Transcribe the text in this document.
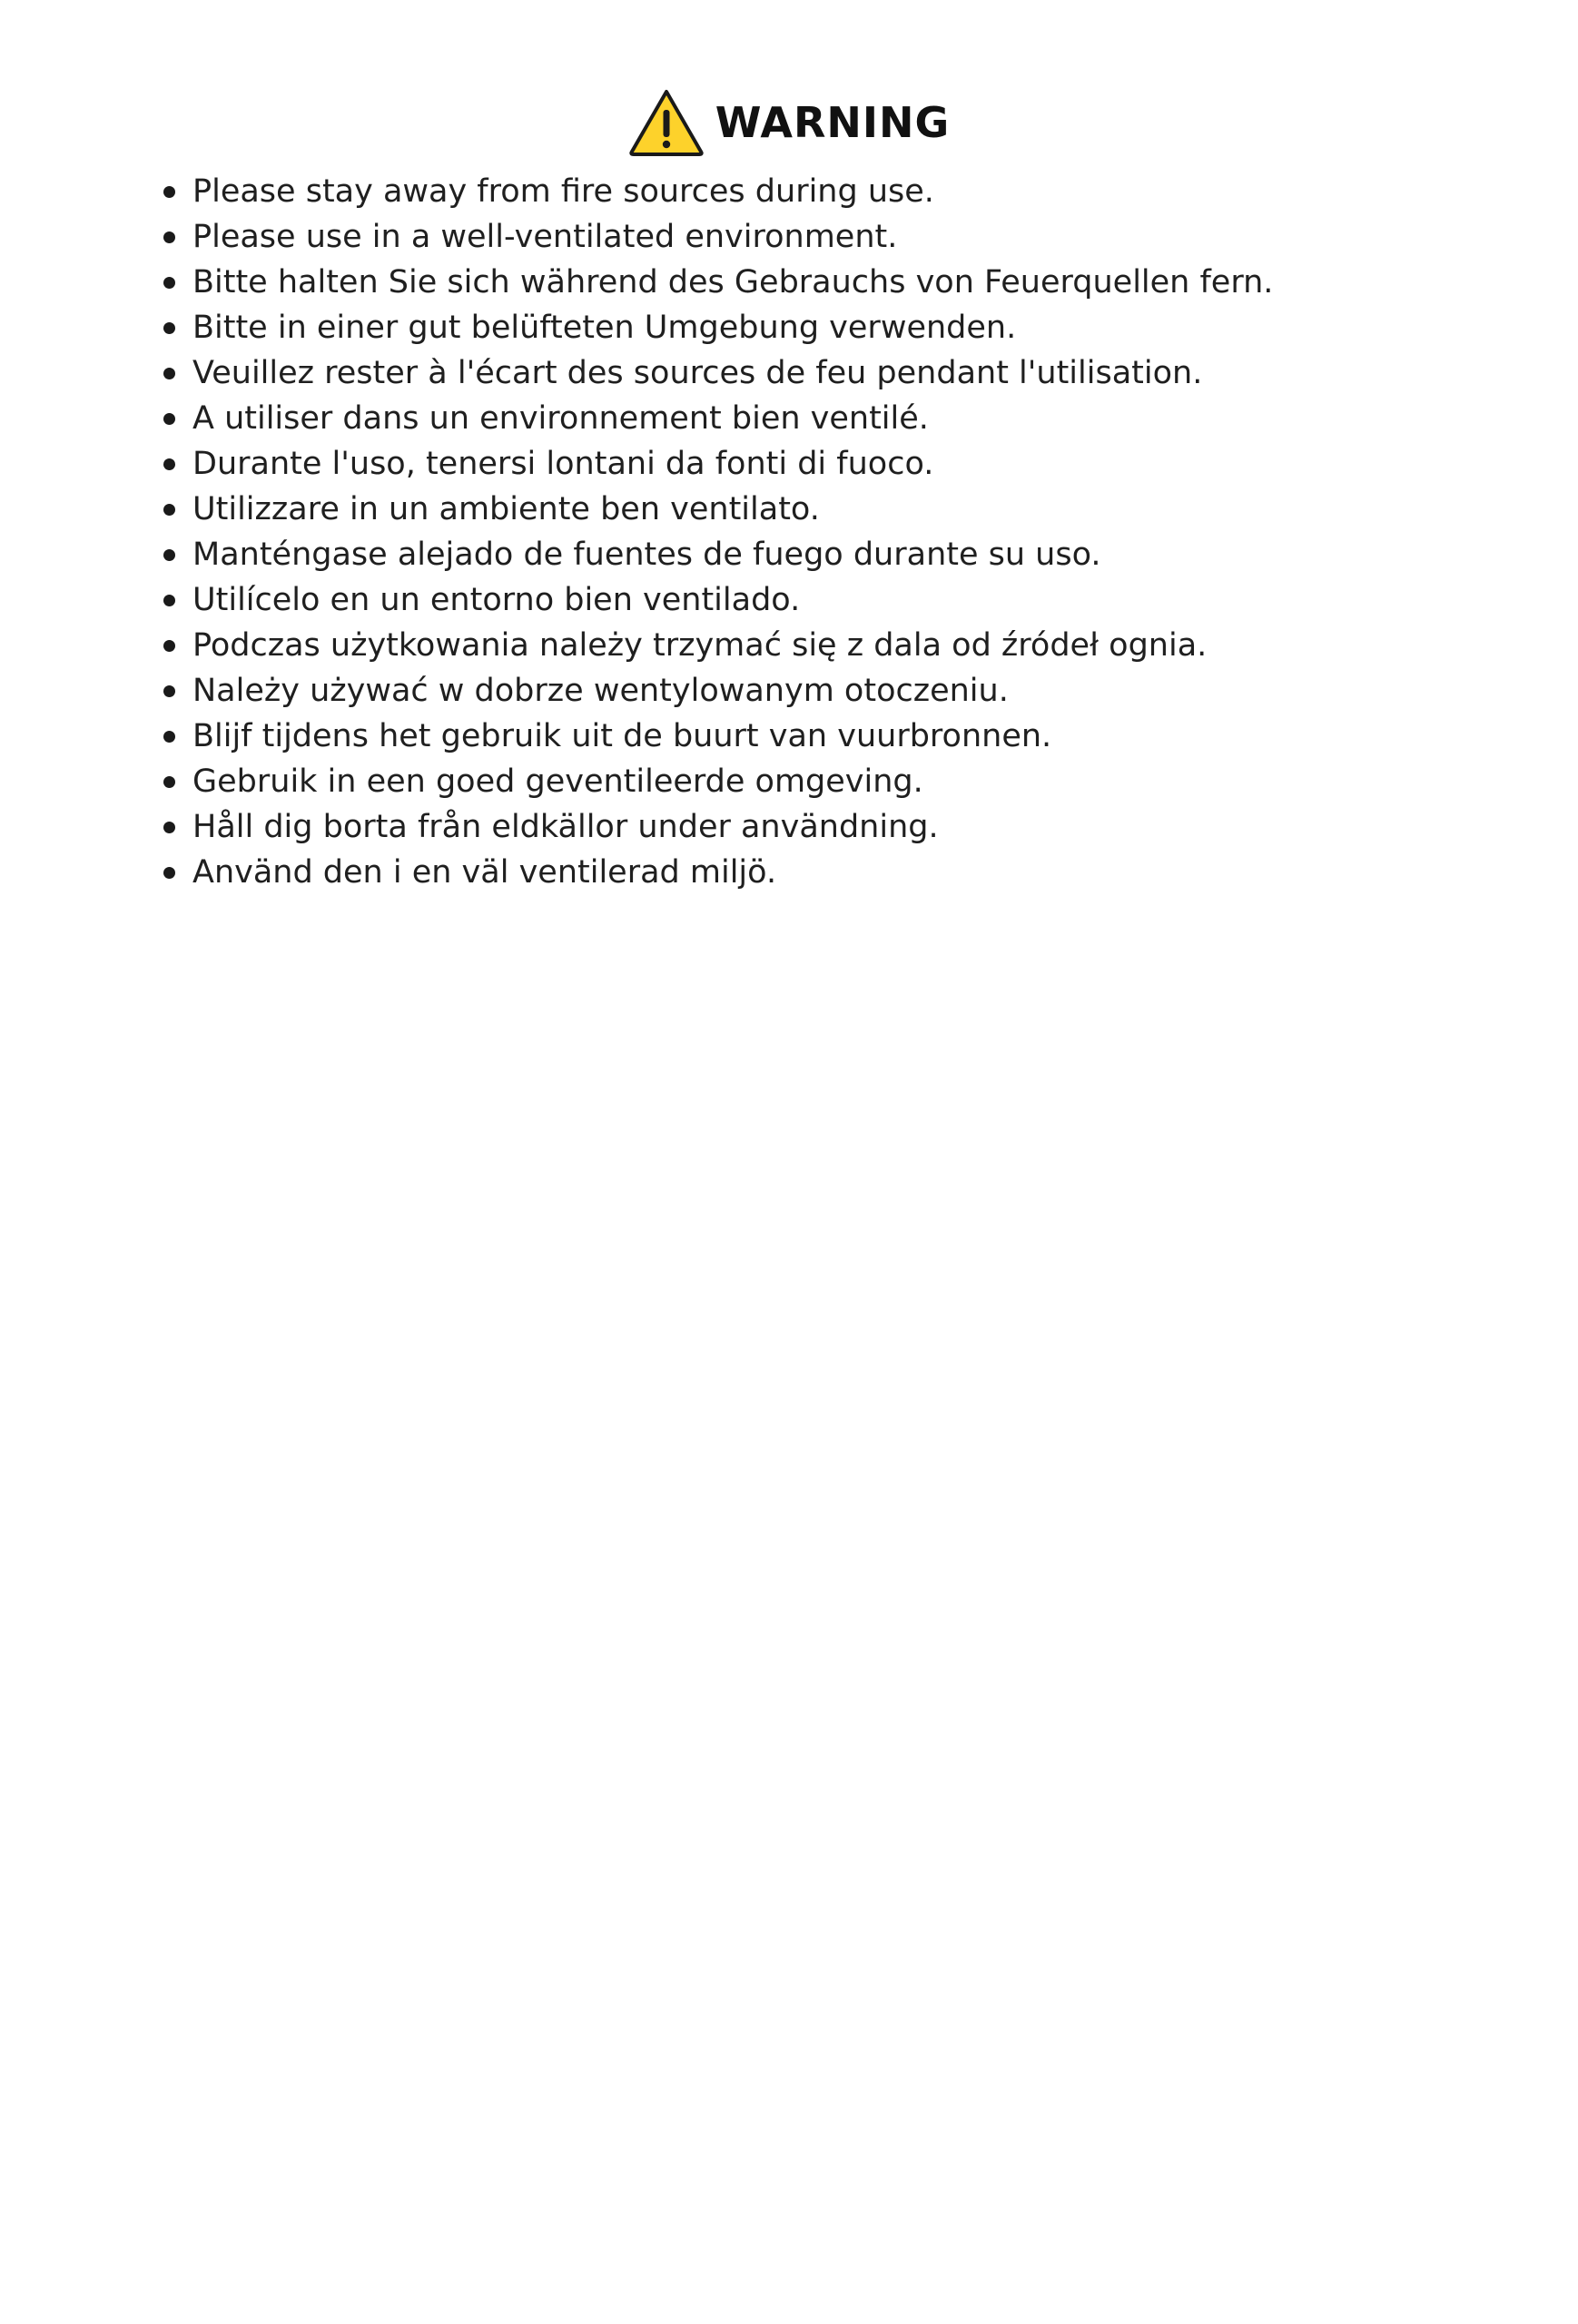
WARNING
Please stay away from fire sources during use.
Please use in a well-ventilated environment.
Bitte halten Sie sich während des Gebrauchs von Feuerquellen fern.
Bitte in einer gut belüfteten Umgebung verwenden.
Veuillez rester à l'écart des sources de feu pendant l'utilisation.
A utiliser dans un environnement bien ventilé.
Durante l'uso, tenersi lontani da fonti di fuoco.
Utilizzare in un ambiente ben ventilato.
Manténgase alejado de fuentes de fuego durante su uso.
Utilícelo en un entorno bien ventilado.
Podczas użytkowania należy trzymać się z dala od źródeł ognia.
Należy używać w dobrze wentylowanym otoczeniu.
Blijf tijdens het gebruik uit de buurt van vuurbronnen.
Gebruik in een goed geventileerde omgeving.
Håll dig borta från eldkällor under användning.
Använd den i en väl ventilerad miljö.
